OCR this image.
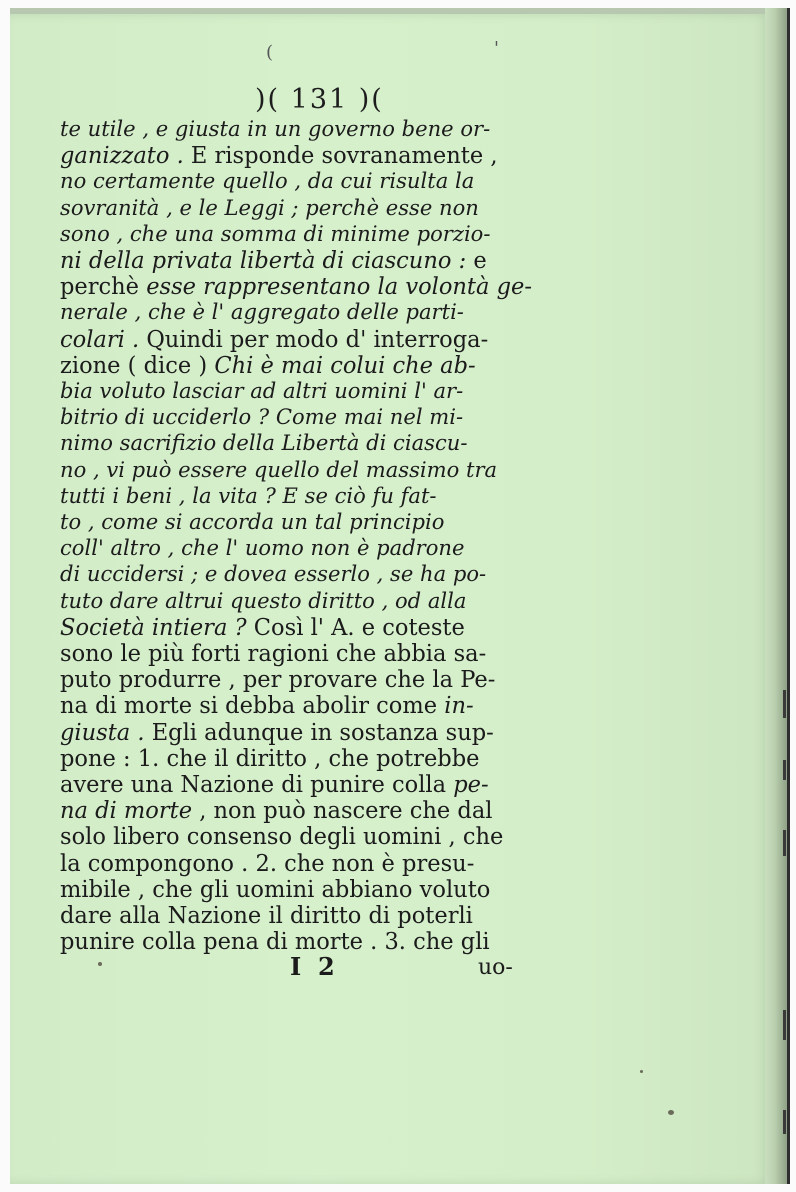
(	'
)( 131 )(
te utile , e giusta in un governo bene or-
ganizzato . E risponde sovranamente ,
no certamente quello , da cui risulta la
sovranità , e le Leggi ; perchè esse non
sono , che una somma di minime porzio-
ni della privata libertà di ciascuno : e
perchè esse rappresentano la volontà ge-
nerale , che è l' aggregato delle parti-
colari . Quindi per modo d' interroga-
zione ( dice ) Chi è mai colui che ab-
bia voluto lasciar ad altri uomini l' ar-
bitrio di ucciderlo ? Come mai nel mi-
nimo sacrifizio della Libertà di ciascu-
no , vi può essere quello del massimo tra
tutti i beni , la vita ? E se ciò fu fat-
to , come si accorda un tal principio
coll' altro , che l' uomo non è padrone
di uccidersi ; e dovea esserlo , se ha po-
tuto dare altrui questo diritto , od alla
Società intiera ? Così l' A. e coteste
sono le più forti ragioni che abbia sa-
puto produrre , per provare che la Pe-
na di morte si debba abolir come in-
giusta . Egli adunque in sostanza sup-
pone : 1. che il diritto , che potrebbe
avere una Nazione di punire colla pe-
na di morte , non può nascere che dal
solo libero consenso degli uomini , che
la compongono . 2. che non è presu-
mibile , che gli uomini abbiano voluto
dare alla Nazione il diritto di poterli
punire colla pena di morte . 3. che gli
I  2	uo-
